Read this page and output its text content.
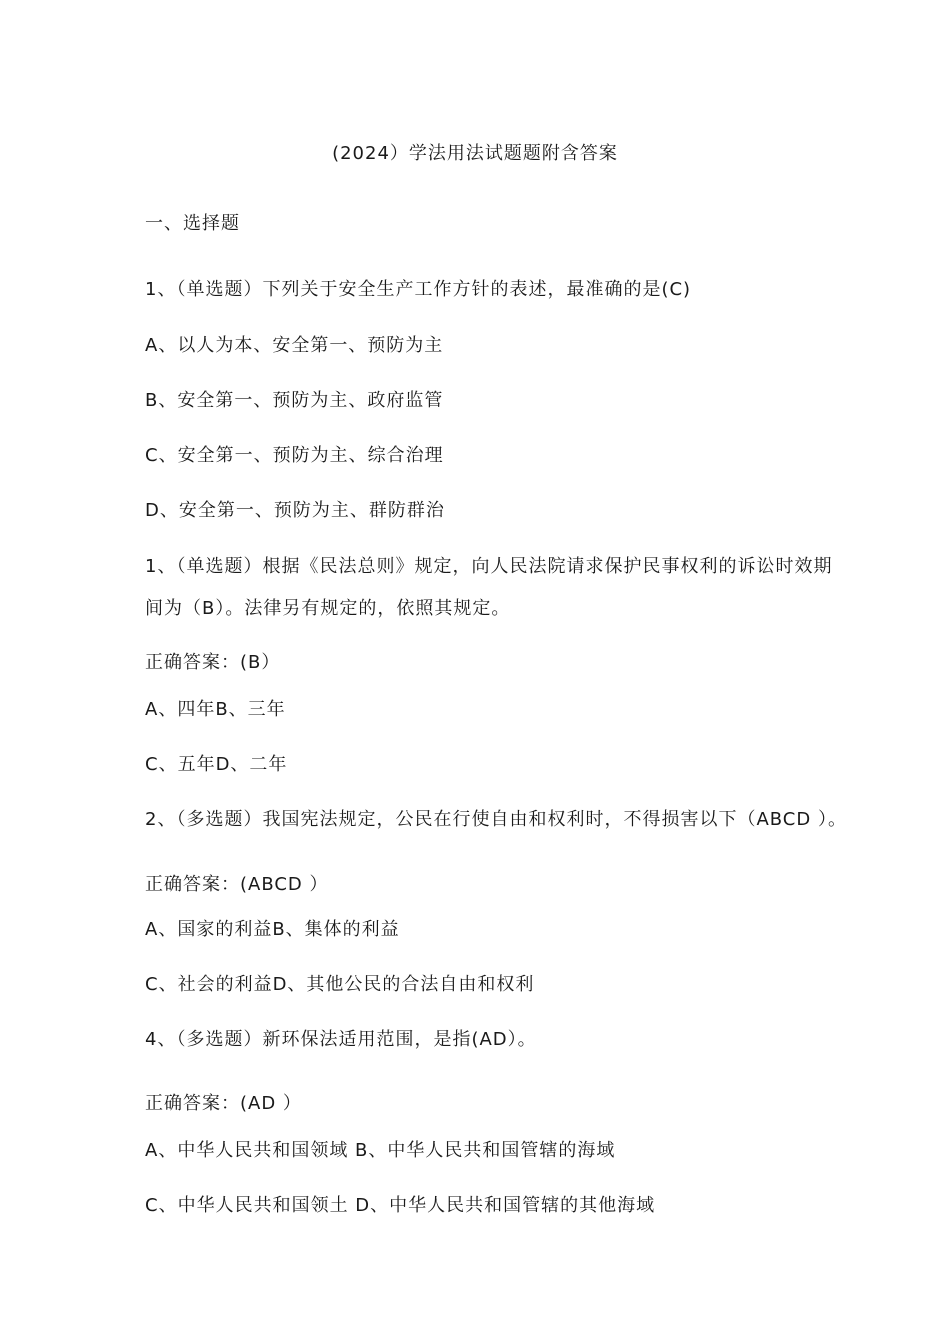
(2024）学法用法试题题附含答案
一、选择题
1、（单选题）下列关于安全生产工作方针的表述，最准确的是(C)
A、以人为本、安全第一、预防为主
B、安全第一、预防为主、政府监管
C、安全第一、预防为主、综合治理
D、安全第一、预防为主、群防群治
1、（单选题）根据《民法总则》规定，向人民法院请求保护民事权利的诉讼时效期
间为（B）。法律另有规定的，依照其规定。
正确答案：(B）
A、四年B、三年
C、五年D、二年
2、（多选题）我国宪法规定，公民在行使自由和权利时，不得损害以下（ABCD ）。
正确答案：(ABCD ）
A、国家的利益B、集体的利益
C、社会的利益D、其他公民的合法自由和权利
4、（多选题）新环保法适用范围，是指(AD）。
正确答案：(AD ）
A、中华人民共和国领域 B、中华人民共和国管辖的海域
C、中华人民共和国领土 D、中华人民共和国管辖的其他海域
